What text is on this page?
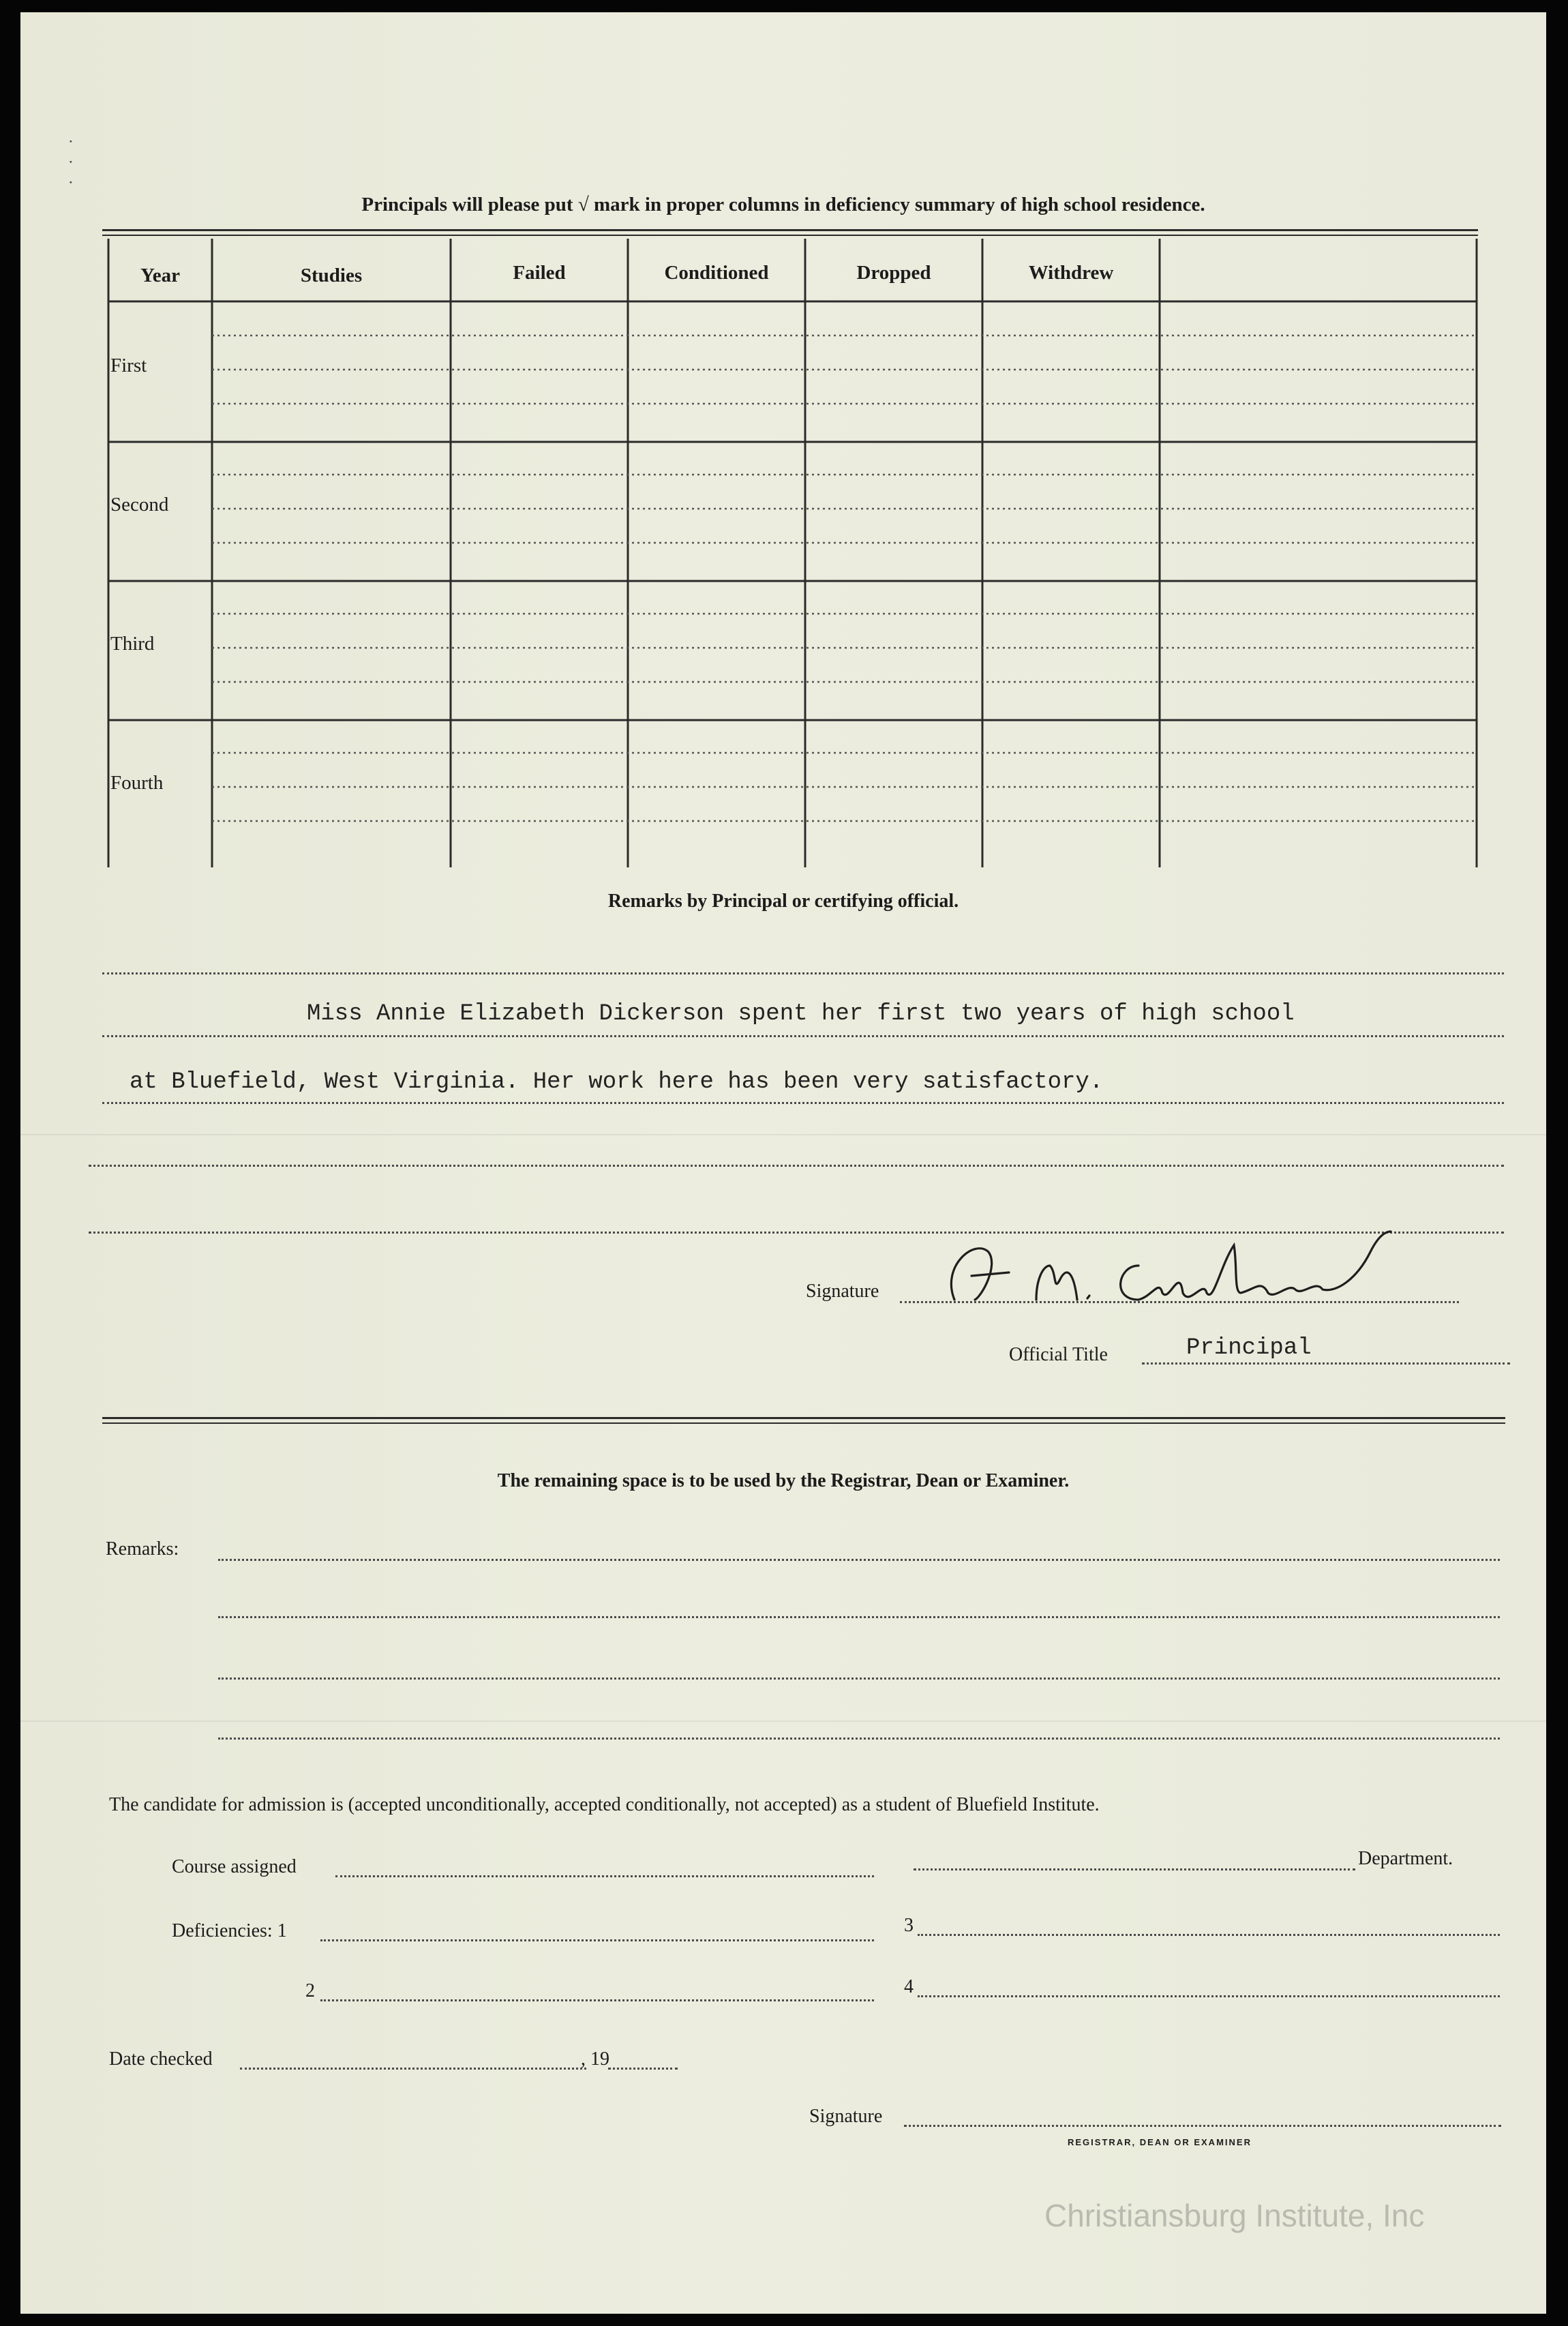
⋅
⋅
⋅
Principals will please put √ mark in proper columns in deficiency summary of high school residence.
Year	Studies	Failed	Conditioned	Dropped	Withdrew
First
Second
Third
Fourth
Remarks by Principal or certifying official.
Miss Annie Elizabeth Dickerson spent her first two years of high school
at Bluefield, West Virginia. Her work here has been very satisfactory.
Signature
Official Title	Principal
The remaining space is to be used by the Registrar, Dean or Examiner.
Remarks:
The candidate for admission is (accepted unconditionally, accepted conditionally, not accepted) as a student of Bluefield Institute.
Course assigned	Department.
Deficiencies: 1	3
2	4
Date checked	, 19
Signature
REGISTRAR, DEAN OR EXAMINER
Christiansburg Institute, Inc
